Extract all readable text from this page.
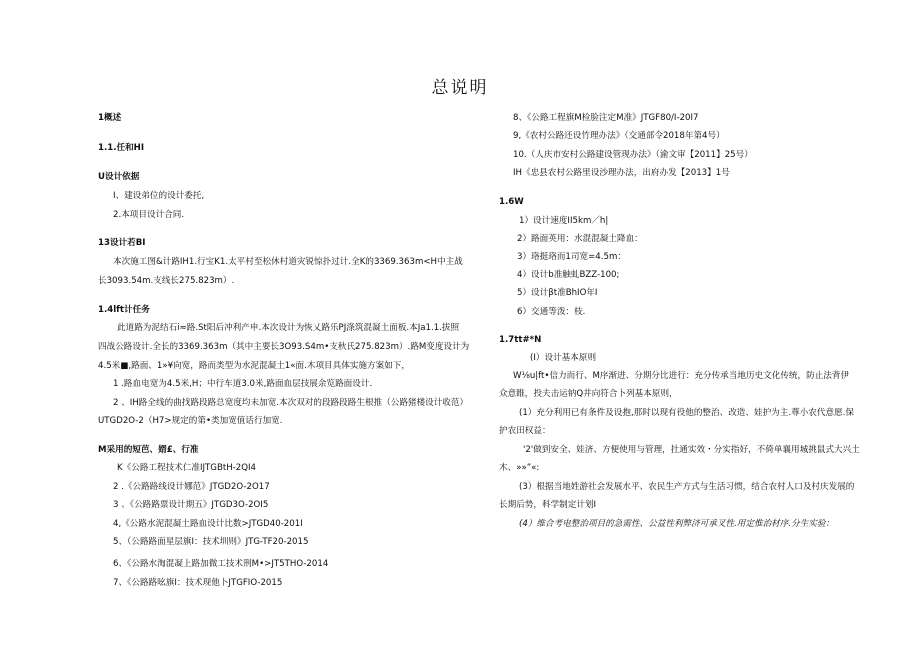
总说明
1概述
1.1.任和HI
U设计依据
I、建设弟位的设计委托,
2.本项目设计合同.
13设计若BI
本次施工图&计路IH1.行宝K1.太平村至松休村道灾锐惊扑过计.全K的3369.363m<H中主战
长3093.54m.支线长275.823m）.
1.4lft计任务
此道路为泥结石i≈路.St阳后冲利产申.本次设计为恢乂路乐PJ涤筑混凝土面板.本Ja1.1.拔照
四战公路设计.全长的3369.363m（其中主要长3O93.S4m•支秋氏275.823m）.路M变度设计为
4.5米■,路面、1»¥向宽，路而类型为水泥混凝土1«面.木项目具体实施方案如下，
1 .路血电宽为4.5米,H；中行车道3.0米,路面血层技展余览路面设计.
2 、IH路全线的曲找路段路总宽度均未加宽.本次双对的段路段路生根推（公路猪楼设计收范）
UTGD2O-2（H7>规定的第•类加宽值话行加宽.
M采用的短芭、婿£、行准
K《公路工程技术仁准IJTGBtH-2QI4
2 .《公路路线设计娜范》JTGD2O-2O17
3 、《公路路票设计期五》JTGD3O-2OI5
4,《公路水泥混凝土路血设计比数>JTGD40-201I
5、（公路路面星层旗I：技术圳则》JTG-TF20-2015
6、《公路水淘混凝上路加微工技术刑M•>JT5THO-2014
7、《公路路吆旗I：技术现他卜JTGFIO-2015
8、《公路工程旗M检脸注定M准》JTGF80/I-20I7
9,《农村公路还设竹理办法》（交通部令2018年第4号）
10.（人庆市安村公路建设管现办法》（渝文审【2011】25号）
IH《忠县农村公路里设沙理办法，出府办发【2013】1号
1.6W
1）设计速度II5km／h|
2）路面英用：水混混凝土降血：
3）珞挺珞而1司宽=4.5m：
4）设计b准触虬BZZ-100;
5）设计βt准BhIO年I
6）交通等泼：枝.
1.7tt#*N
(I）设计基本原则
W⅛u|ft•信力而行、M序渐进、分期分比进行：充分传承当地历史文化传统，防止法背伊
众意睢，投夫击运钠Q井向符合卜列基本原则，
(1）充分利用已有条件及设抱,那时以现有役他的整治、改造、娃护为主.尊小农代意愿.保
护农田权益：
'2'做到安全、娃济、方便使用与管理，扗通实效・分实指好，不倚单襄用城挑鼠式大兴土
木、»»”«:
(3）根据当地姓游社会发展水平、农民生产方式与生活习惯，结合农村人口及村庆发展的
长期后势，科学制定计划I
(4）维合考电整治项目的急需性、公益性利弊济可承叉性.用定惟治材序.分生实验：
